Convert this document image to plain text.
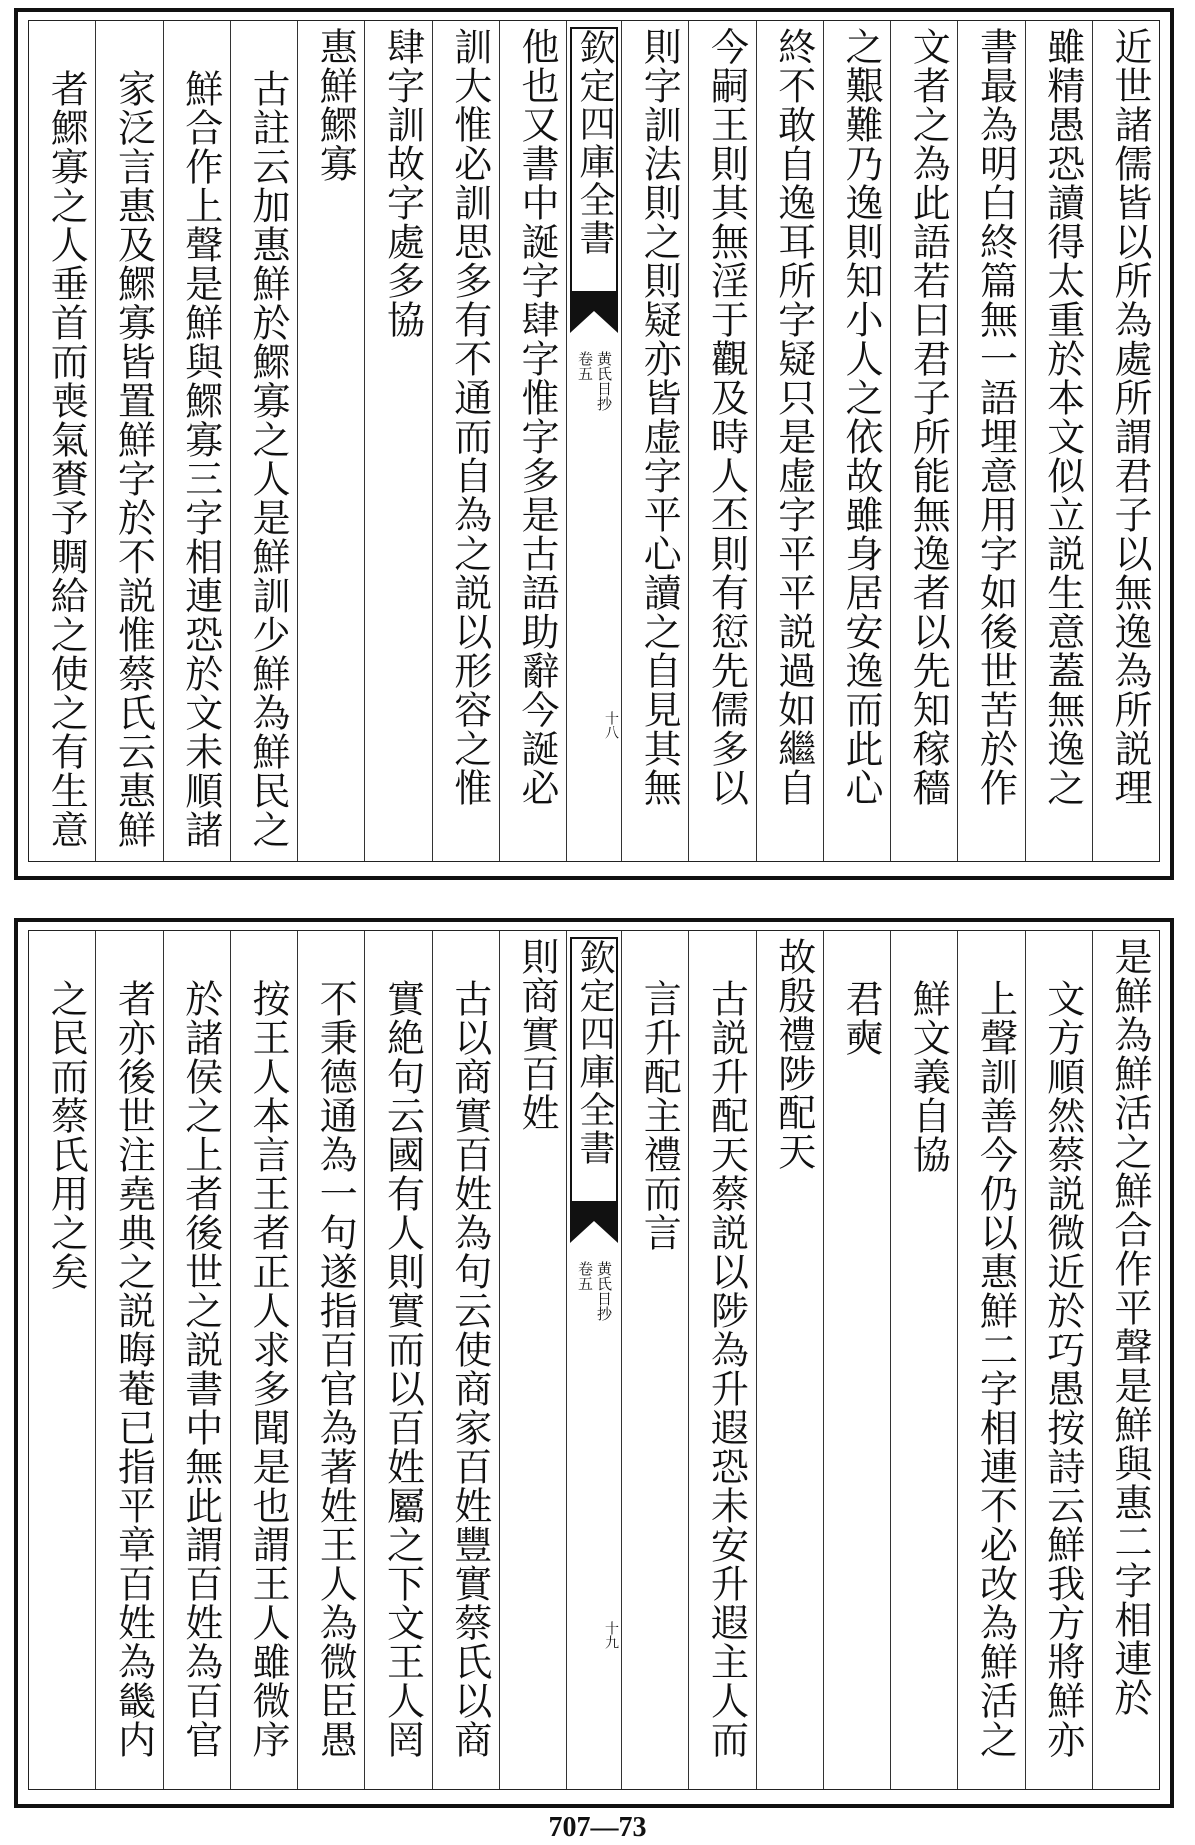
近世諸儒皆以所為處所謂君子以無逸為所説理
雖精愚恐讀得太重於本文似立説生意蓋無逸之
書最為明白終篇無一語埋意用字如後世苦於作
文者之為此語若曰君子所能無逸者以先知稼穡
之艱難乃逸則知小人之依故雖身居安逸而此心
終不敢自逸耳所字疑只是虚字平平説過如繼自
今嗣王則其無淫于觀及時人丕則有愆先儒多以
則字訓法則之則疑亦皆虚字平心讀之自見其無
欽定四庫全書
黄氏日抄
卷五
十八
他也又書中誕字肆字惟字多是古語助辭今誕必
訓大惟必訓思多有不通而自為之説以形容之惟
肆字訓故字處多協
惠鮮鰥寡
古註云加惠鮮於鰥寡之人是鮮訓少鮮為鮮民之
鮮合作上聲是鮮與鰥寡三字相連恐於文未順諸
家泛言惠及鰥寡皆置鮮字於不説惟蔡氏云惠鮮
者鰥寡之人垂首而喪氣賚予賙給之使之有生意
是鮮為鮮活之鮮合作平聲是鮮與惠二字相連於
文方順然蔡説微近於巧愚按詩云鮮我方將鮮亦
上聲訓善今仍以惠鮮二字相連不必改為鮮活之
鮮文義自協
君奭
故殷禮陟配天
古説升配天蔡説以陟為升遐恐未安升遐主人而
言升配主禮而言
欽定四庫全書
黄氏日抄
卷五
十九
則商實百姓
古以商實百姓為句云使商家百姓豐實蔡氏以商
實絶句云國有人則實而以百姓屬之下文王人罔
不秉德通為一句遂指百官為著姓王人為微臣愚
按王人本言王者正人求多聞是也謂王人雖微序
於諸侯之上者後世之説書中無此謂百姓為百官
者亦後世注堯典之説晦菴已指平章百姓為畿内
之民而蔡氏用之矣
707—73
